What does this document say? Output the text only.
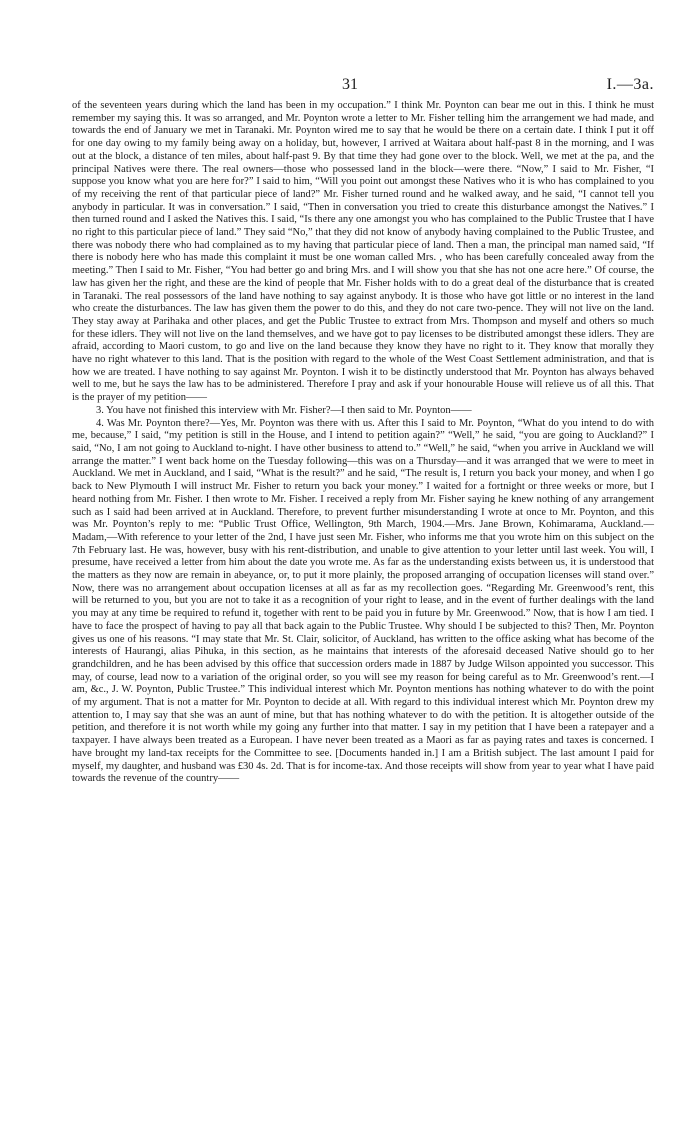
31	I.—3a.

of the seventeen years during which the land has been in my occupation.” I think Mr. Poynton can bear me out in this. I think he must remember my saying this. It was so arranged, and Mr. Poynton wrote a letter to Mr. Fisher telling him the arrangement we had made, and towards the end of January we met in Taranaki. Mr. Poynton wired me to say that he would be there on a certain date. I think I put it off for one day owing to my family being away on a holiday, but, however, I arrived at Waitara about half-past 8 in the morning, and I was out at the block, a distance of ten miles, about half-past 9. By that time they had gone over to the block. Well, we met at the pa, and the principal Natives were there. The real owners—those who possessed land in the block—were there. “Now,” I said to Mr. Fisher, “I suppose you know what you are here for?” I said to him, “Will you point out amongst these Natives who it is who has complained to you of my receiving the rent of that particular piece of land?” Mr. Fisher turned round and he walked away, and he said, “I cannot tell you anybody in particular. It was in conversation.” I said, “Then in conversation you tried to create this disturbance amongst the Natives.” I then turned round and I asked the Natives this. I said, “Is there any one amongst you who has complained to the Public Trustee that I have no right to this particular piece of land.” They said “No,” that they did not know of anybody having complained to the Public Trustee, and there was nobody there who had complained as to my having that particular piece of land. Then a man, the principal man named said, “If there is nobody here who has made this complaint it must be one woman called Mrs. , who has been carefully concealed away from the meeting.” Then I said to Mr. Fisher, “You had better go and bring Mrs. and I will show you that she has not one acre here.” Of course, the law has given her the right, and these are the kind of people that Mr. Fisher holds with to do a great deal of the disturbance that is created in Taranaki. The real possessors of the land have nothing to say against anybody. It is those who have got little or no interest in the land who create the disturbances. The law has given them the power to do this, and they do not care two-pence. They will not live on the land. They stay away at Parihaka and other places, and get the Public Trustee to extract from Mrs. Thompson and myself and others so much for these idlers. They will not live on the land themselves, and we have got to pay licenses to be distributed amongst these idlers. They are afraid, according to Maori custom, to go and live on the land because they know they have no right to it. They know that morally they have no right whatever to this land. That is the position with regard to the whole of the West Coast Settlement administration, and that is how we are treated. I have nothing to say against Mr. Poynton. I wish it to be distinctly understood that Mr. Poynton has always behaved well to me, but he says the law has to be administered. Therefore I pray and ask if your honourable House will relieve us of all this. That is the prayer of my petition——

3. You have not finished this interview with Mr. Fisher?—I then said to Mr. Poynton——

4. Was Mr. Poynton there?—Yes, Mr. Poynton was there with us. After this I said to Mr. Poynton, “What do you intend to do with me, because,” I said, “my petition is still in the House, and I intend to petition again?” “Well,” he said, “you are going to Auckland?” I said, “No, I am not going to Auckland to-night. I have other business to attend to.” “Well,” he said, “when you arrive in Auckland we will arrange the matter.” I went back home on the Tuesday following—this was on a Thursday—and it was arranged that we were to meet in Auckland. We met in Auckland, and I said, “What is the result?” and he said, “The result is, I return you back your money, and when I go back to New Plymouth I will instruct Mr. Fisher to return you back your money.” I waited for a fortnight or three weeks or more, but I heard nothing from Mr. Fisher. I then wrote to Mr. Fisher. I received a reply from Mr. Fisher saying he knew nothing of any arrangement such as I said had been arrived at in Auckland. Therefore, to prevent further misunderstanding I wrote at once to Mr. Poynton, and this was Mr. Poynton’s reply to me: “Public Trust Office, Wellington, 9th March, 1904.—Mrs. Jane Brown, Kohimarama, Auckland.—Madam,—With reference to your letter of the 2nd, I have just seen Mr. Fisher, who informs me that you wrote him on this subject on the 7th February last. He was, however, busy with his rent-distribution, and unable to give attention to your letter until last week. You will, I presume, have received a letter from him about the date you wrote me. As far as the understanding exists between us, it is understood that the matters as they now are remain in abeyance, or, to put it more plainly, the proposed arranging of occupation licenses will stand over.” Now, there was no arrangement about occupation licenses at all as far as my recollection goes. “Regarding Mr. Greenwood’s rent, this will be returned to you, but you are not to take it as a recognition of your right to lease, and in the event of further dealings with the land you may at any time be required to refund it, together with rent to be paid you in future by Mr. Greenwood.” Now, that is how I am tied. I have to face the prospect of having to pay all that back again to the Public Trustee. Why should I be subjected to this? Then, Mr. Poynton gives us one of his reasons. “I may state that Mr. St. Clair, solicitor, of Auckland, has written to the office asking what has become of the interests of Haurangi, alias Pihuka, in this section, as he maintains that interests of the aforesaid deceased Native should go to her grandchildren, and he has been advised by this office that succession orders made in 1887 by Judge Wilson appointed you successor. This may, of course, lead now to a variation of the original order, so you will see my reason for being careful as to Mr. Greenwood’s rent.—I am, &c., J. W. Poynton, Public Trustee.” This individual interest which Mr. Poynton mentions has nothing whatever to do with the point of my argument. That is not a matter for Mr. Poynton to decide at all. With regard to this individual interest which Mr. Poynton drew my attention to, I may say that she was an aunt of mine, but that has nothing whatever to do with the petition. It is altogether outside of the petition, and therefore it is not worth while my going any further into that matter. I say in my petition that I have been a ratepayer and a taxpayer. I have always been treated as a European. I have never been treated as a Maori as far as paying rates and taxes is concerned. I have brought my land-tax receipts for the Committee to see. [Documents handed in.] I am a British subject. The last amount I paid for myself, my daughter, and husband was £30 4s. 2d. That is for income-tax. And those receipts will show from year to year what I have paid towards the revenue of the country——
